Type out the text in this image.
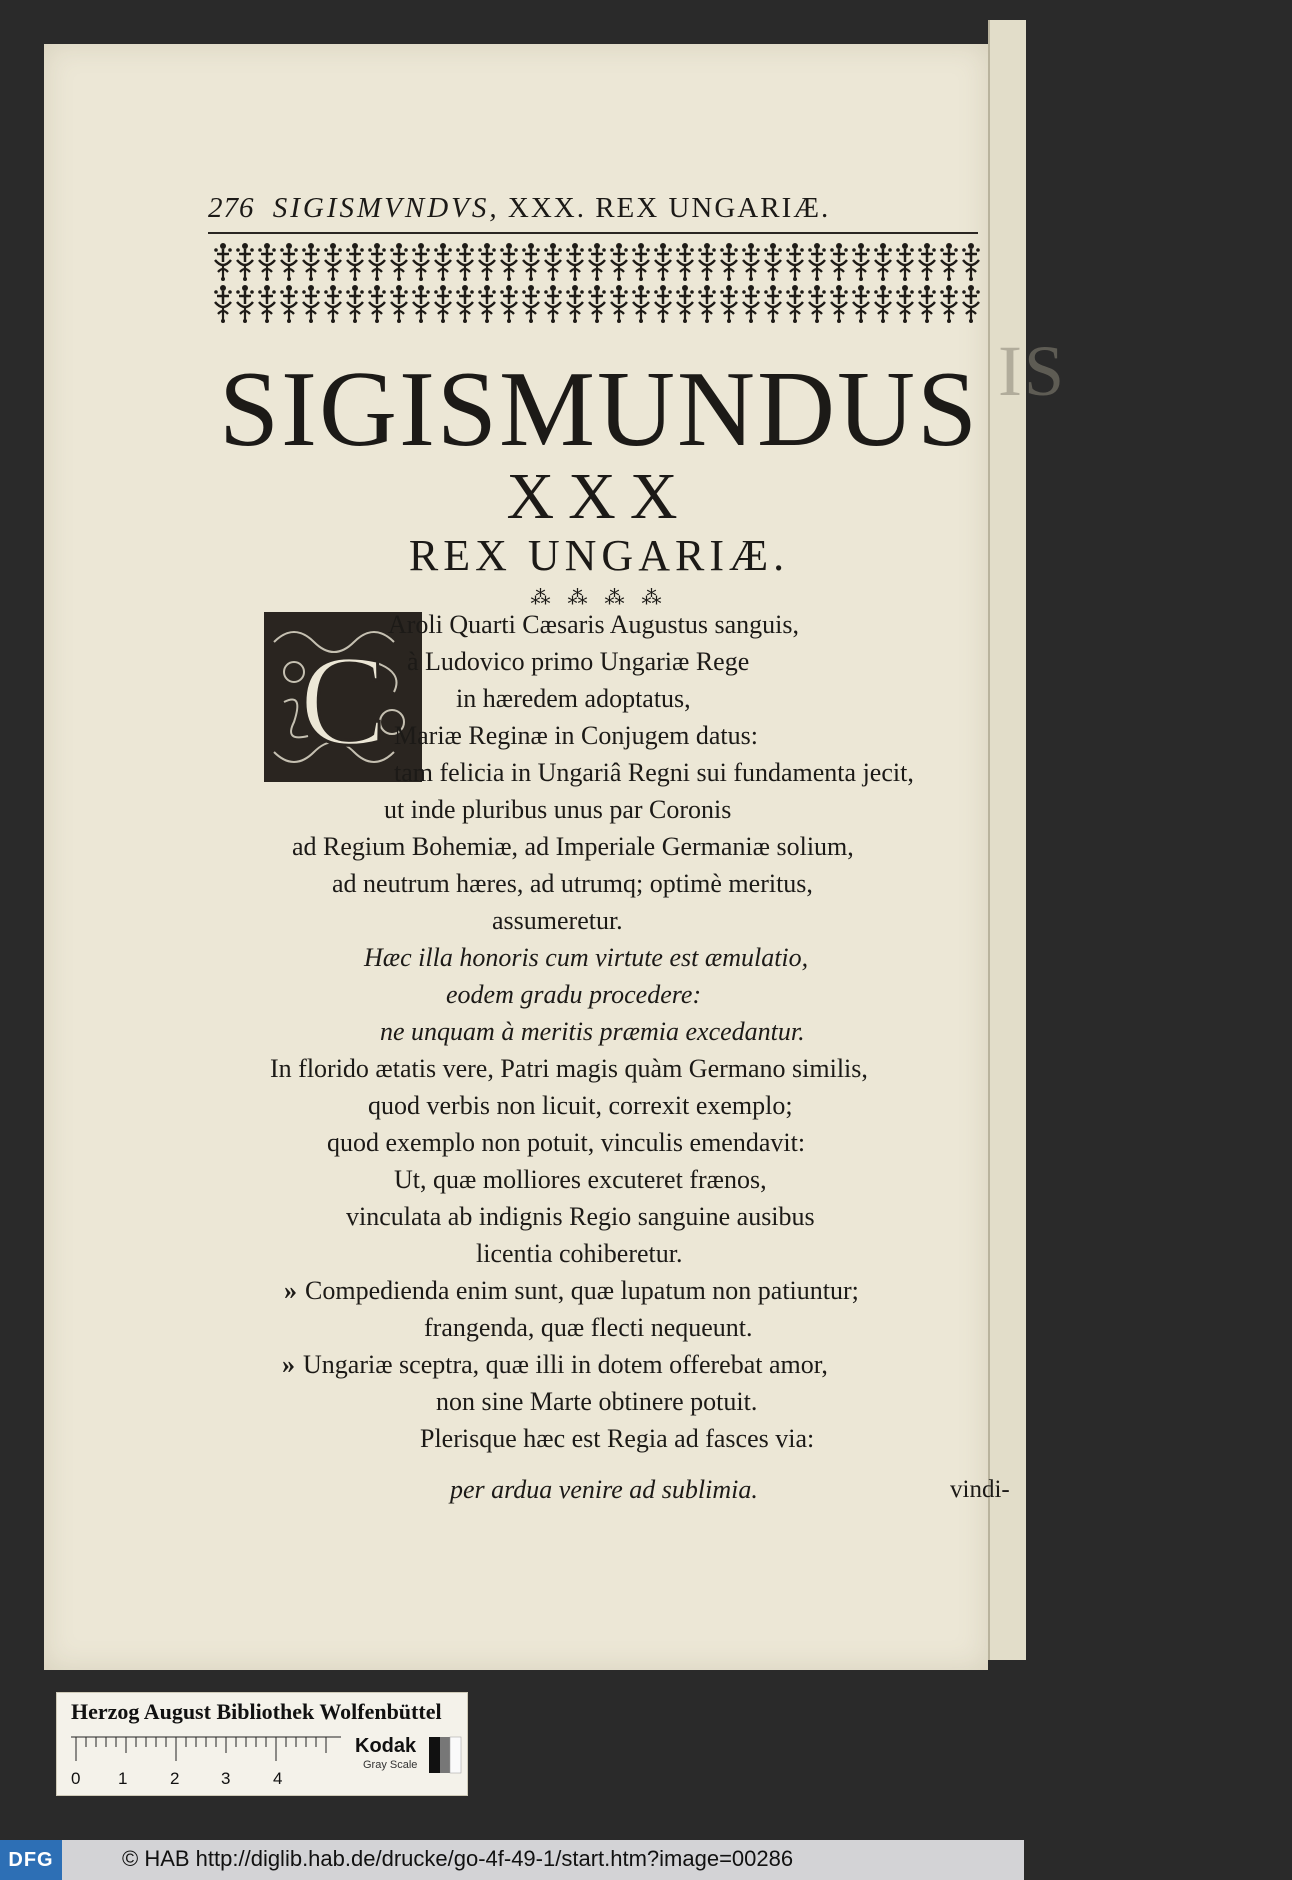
IS
276 SIGISMVNDVS, XXX. REX UNGARIÆ.
SIGISMUNDUS
XXX
REX UNGARIÆ.
⁂ ⁂ ⁂ ⁂
C
Aroli Quarti Cæsaris Augustus sanguis,
à Ludovico primo Ungariæ Rege
in hæredem adoptatus,
Mariæ Reginæ in Conjugem datus:
tam felicia in Ungariâ Regni sui fundamenta jecit,
ut inde pluribus unus par Coronis
ad Regium Bohemiæ, ad Imperiale Germaniæ solium,
ad neutrum hæres, ad utrumq; optimè meritus,
assumeretur.
Hæc illa honoris cum virtute est æmulatio,
eodem gradu procedere:
ne unquam à meritis præmia excedantur.
In florido ætatis vere, Patri magis quàm Germano similis,
quod verbis non licuit, correxit exemplo;
quod exemplo non potuit, vinculis emendavit:
Ut, quæ molliores excuteret frænos,
vinculata ab indignis Regio sanguine ausibus
licentia cohiberetur.
» Compedienda enim sunt, quæ lupatum non patiuntur;
frangenda, quæ flecti nequeunt.
» Ungariæ sceptra, quæ illi in dotem offerebat amor,
non sine Marte obtinere potuit.
Plerisque hæc est Regia ad fasces via:
per ardua venire ad sublimia.	vindi-
Herzog August Bibliothek Wolfenbüttel
0 1	2 3	4
Kodak
Gray Scale
DFG	© HAB http://diglib.hab.de/drucke/go-4f-49-1/start.htm?image=00286
